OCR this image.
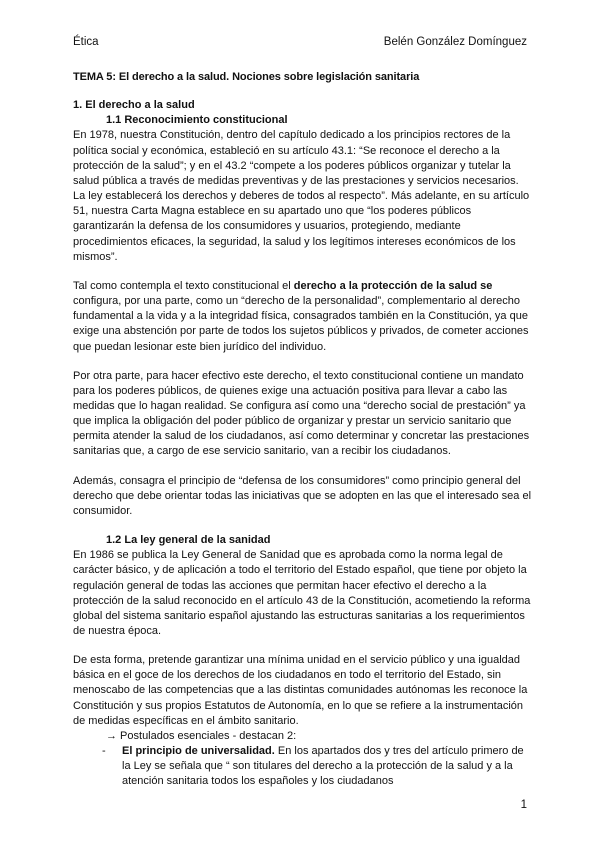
Ética	Belén González Domínguez

TEMA 5: El derecho a la salud. Nociones sobre legislación sanitaria

1. El derecho a la salud

1.1 Reconocimiento constitucional

En 1978, nuestra Constitución, dentro del capítulo dedicado a los principios rectores de la política social y económica, estableció en su artículo 43.1: “Se reconoce el derecho a la protección de la salud”; y en el 43.2 “compete a los poderes públicos organizar y tutelar la salud pública a través de medidas preventivas y de las prestaciones y servicios necesarios. La ley establecerá los derechos y deberes de todos al respecto”. Más adelante, en su artículo 51, nuestra Carta Magna establece en su apartado uno que “los poderes públicos garantizarán la defensa de los consumidores y usuarios, protegiendo, mediante procedimientos eficaces, la seguridad, la salud y los legítimos intereses económicos de los mismos”.

Tal como contempla el texto constitucional el derecho a la protección de la salud se configura, por una parte, como un “derecho de la personalidad”, complementario al derecho fundamental a la vida y a la integridad física, consagrados también en la Constitución, ya que exige una abstención por parte de todos los sujetos públicos y privados, de cometer acciones que puedan lesionar este bien jurídico del individuo.

Por otra parte, para hacer efectivo este derecho, el texto constitucional contiene un mandato para los poderes públicos, de quienes exige una actuación positiva para llevar a cabo las medidas que lo hagan realidad. Se configura así como una “derecho social de prestación” ya que implica la obligación del poder público de organizar y prestar un servicio sanitario que permita atender la salud de los ciudadanos, así como determinar y concretar las prestaciones sanitarias que, a cargo de ese servicio sanitario, van a recibir los ciudadanos.

Además, consagra el principio de “defensa de los consumidores” como principio general del derecho que debe orientar todas las iniciativas que se adopten en las que el interesado sea el consumidor.

1.2 La ley general de la sanidad

En 1986 se publica la Ley General de Sanidad que es aprobada como la norma legal de carácter básico, y de aplicación a todo el territorio del Estado español, que tiene por objeto la regulación general de todas las acciones que permitan hacer efectivo el derecho a la protección de la salud reconocido en el artículo 43 de la Constitución, acometiendo la reforma global del sistema sanitario español ajustando las estructuras sanitarias a los requerimientos de nuestra época.

De esta forma, pretende garantizar una mínima unidad en el servicio público y una igualdad básica en el goce de los derechos de los ciudadanos en todo el territorio del Estado, sin menoscabo de las competencias que a las distintas comunidades autónomas les reconoce la Constitución y sus propios Estatutos de Autonomía, en lo que se refiere a la instrumentación de medidas específicas en el ámbito sanitario.

→ Postulados esenciales - destacan 2:

- El principio de universalidad. En los apartados dos y tres del artículo primero de la Ley se señala que “ son titulares del derecho a la protección de la salud y a la atención sanitaria todos los españoles y los ciudadanos

1
